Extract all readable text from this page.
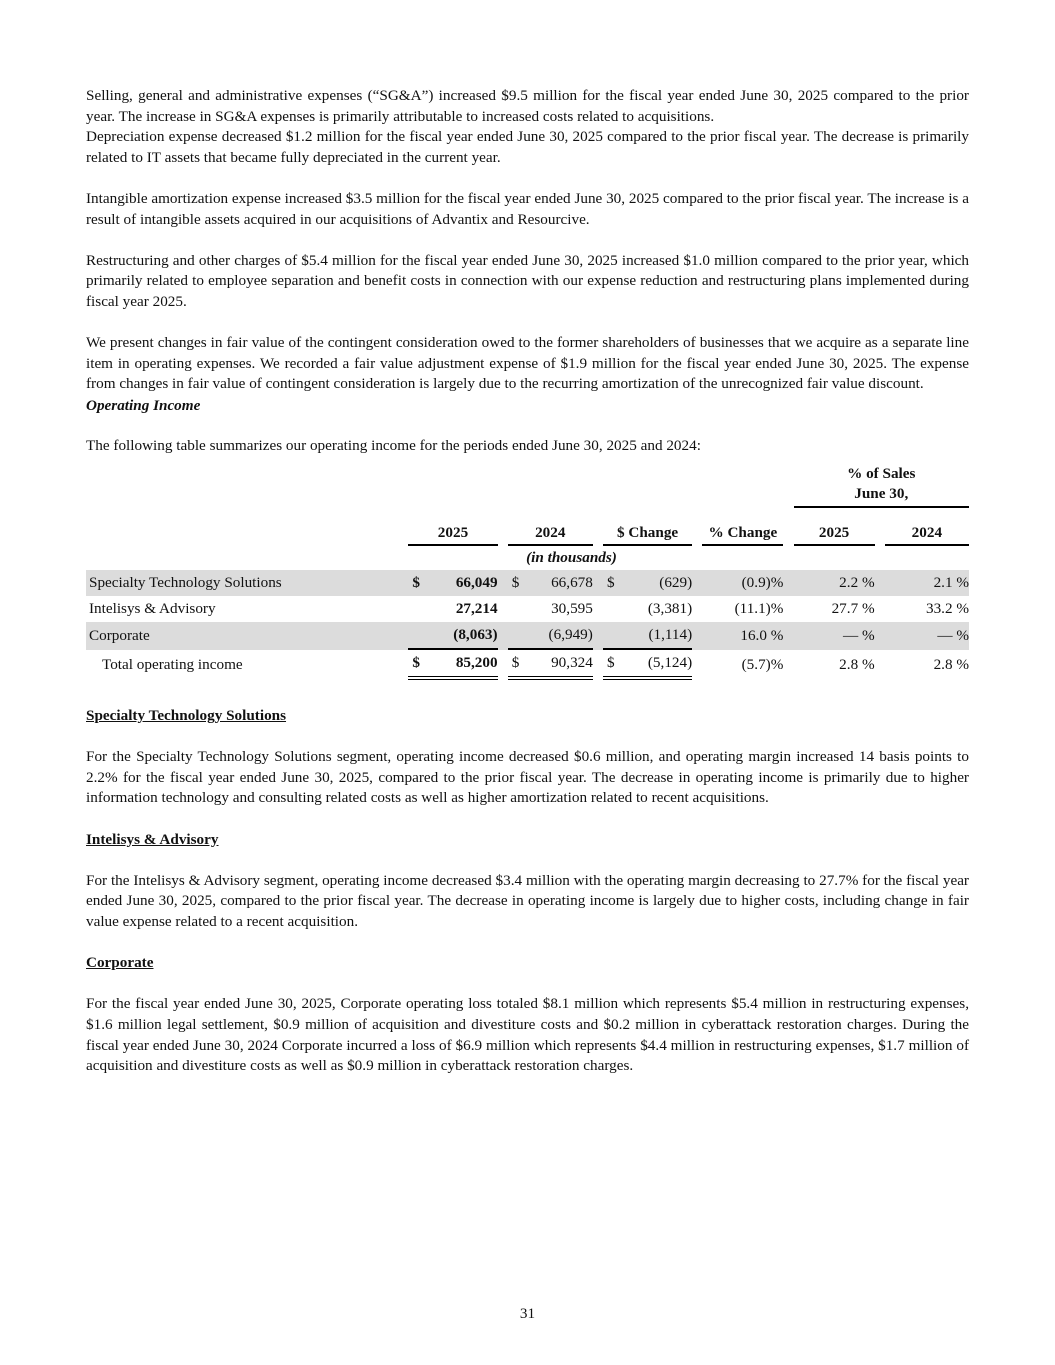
Selling, general and administrative expenses (“SG&A”) increased $9.5 million for the fiscal year ended June 30, 2025 compared to the prior year. The increase in SG&A expenses is primarily attributable to increased costs related to acquisitions.

Depreciation expense decreased $1.2 million for the fiscal year ended June 30, 2025 compared to the prior fiscal year. The decrease is primarily related to IT assets that became fully depreciated in the current year.

Intangible amortization expense increased $3.5 million for the fiscal year ended June 30, 2025 compared to the prior fiscal year. The increase is a result of intangible assets acquired in our acquisitions of Advantix and Resourcive.

Restructuring and other charges of $5.4 million for the fiscal year ended June 30, 2025 increased $1.0 million compared to the prior year, which primarily related to employee separation and benefit costs in connection with our expense reduction and restructuring plans implemented during fiscal year 2025.

We present changes in fair value of the contingent consideration owed to the former shareholders of businesses that we acquire as a separate line item in operating expenses. We recorded a fair value adjustment expense of $1.9 million for the fiscal year ended June 30, 2025. The expense from changes in fair value of contingent consideration is largely due to the recurring amortization of the unrecognized fair value discount.

Operating Income

The following table summarizes our operating income for the periods ended June 30, 2025 and 2024:

												% of Sales
June 30,		

	2025			2024			$ Change			% Change		2025		2024
(in thousands)														
Specialty Technology Solutions	$	66,049		$	66,678		$	(629)		(0.9)%		2.2 %		2.1 %
Intelisys & Advisory		27,214			30,595			(3,381)		(11.1)%		27.7 %		33.2 %
Corporate		(8,063)			(6,949)			(1,114)		16.0 %		— %		— %
Total operating income	$	85,200		$	90,324		$	(5,124)		(5.7)%		2.8 %		2.8 %
Specialty Technology Solutions

For the Specialty Technology Solutions segment, operating income decreased $0.6 million, and operating margin increased 14 basis points to 2.2% for the fiscal year ended June 30, 2025, compared to the prior fiscal year. The decrease in operating income is primarily due to higher information technology and consulting related costs as well as higher amortization related to recent acquisitions.

Intelisys & Advisory

For the Intelisys & Advisory segment, operating income decreased $3.4 million with the operating margin decreasing to 27.7% for the fiscal year ended June 30, 2025, compared to the prior fiscal year. The decrease in operating income is largely due to higher costs, including change in fair value expense related to a recent acquisition.

Corporate

For the fiscal year ended June 30, 2025, Corporate operating loss totaled $8.1 million which represents $5.4 million in restructuring expenses, $1.6 million legal settlement, $0.9 million of acquisition and divestiture costs and $0.2 million in cyberattack restoration charges. During the fiscal year ended June 30, 2024 Corporate incurred a loss of $6.9 million which represents $4.4 million in restructuring expenses, $1.7 million of acquisition and divestiture costs as well as $0.9 million in cyberattack restoration charges.

31
